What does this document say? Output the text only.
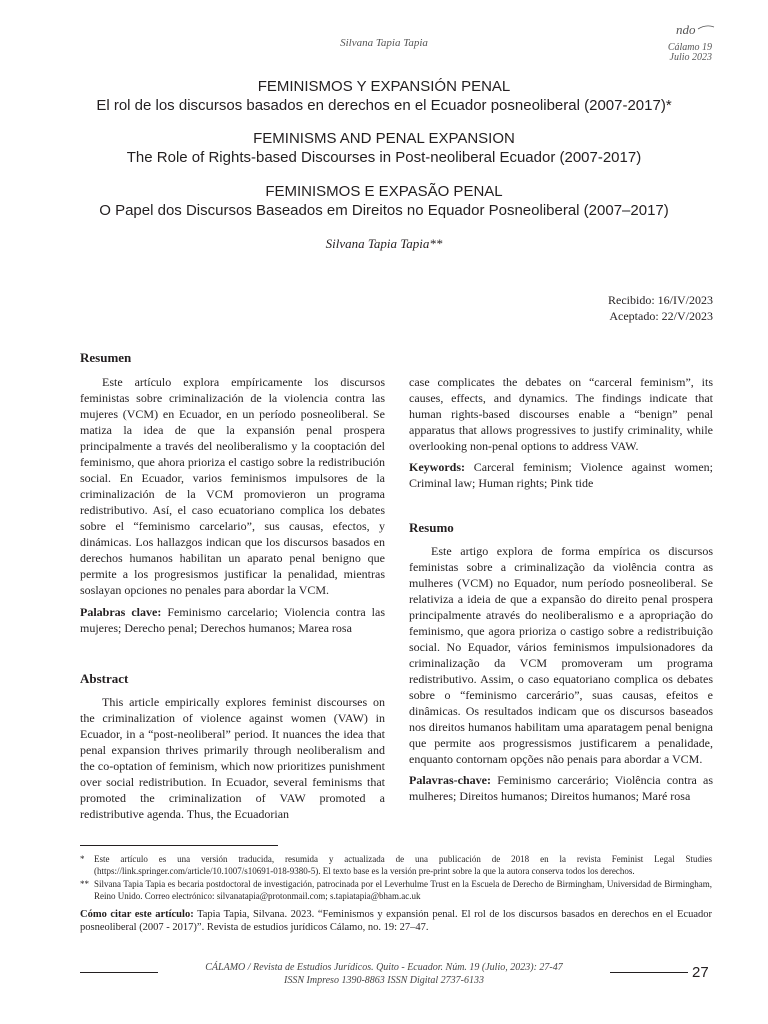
Silvana Tapia Tapia
ndo
Cálamo 19
Julio 2023
FEMINISMOS Y EXPANSIÓN PENAL
El rol de los discursos basados en derechos en el Ecuador posneoliberal (2007-2017)*
FEMINISMS AND PENAL EXPANSION
The Role of Rights-based Discourses in Post-neoliberal Ecuador (2007-2017)
FEMINISMOS E EXPASÃO PENAL
O Papel dos Discursos Baseados em Direitos no Equador Posneoliberal (2007–2017)
Silvana Tapia Tapia**
Recibido: 16/IV/2023
Aceptado: 22/V/2023
Resumen

Este artículo explora empíricamente los discursos feministas sobre criminalización de la violencia contra las mujeres (VCM) en Ecuador, en un período posneoliberal. Se matiza la idea de que la expansión penal prospera principalmente a través del neoliberalismo y la cooptación del feminismo, que ahora prioriza el castigo sobre la redistribución social. En Ecuador, varios feminismos impulsores de la criminalización de la VCM promovieron un programa redistributivo. Así, el caso ecuatoriano complica los debates sobre el “feminismo carcelario”, sus causas, efectos, y dinámicas. Los hallazgos indican que los discursos basados en derechos humanos habilitan un aparato penal benigno que permite a los progresismos justificar la penalidad, mientras soslayan opciones no penales para abordar la VCM.

Palabras clave: Feminismo carcelario; Violencia contra las mujeres; Derecho penal; Derechos humanos; Marea rosa

Abstract

This article empirically explores feminist discourses on the criminalization of violence against women (VAW) in Ecuador, in a “post-neoliberal” period. It nuances the idea that penal expansion thrives primarily through neoliberalism and the co-optation of feminism, which now prioritizes punishment over social redistribution. In Ecuador, several feminisms that promoted the criminalization of VAW promoted a redistributive agenda. Thus, the Ecuadorian

case complicates the debates on “carceral feminism”, its causes, effects, and dynamics. The findings indicate that human rights-based discourses enable a “benign” penal apparatus that allows progressives to justify criminality, while overlooking non-penal options to address VAW.

Keywords: Carceral feminism; Violence against women; Criminal law; Human rights; Pink tide

Resumo

Este artigo explora de forma empírica os discursos feministas sobre a criminalização da violência contra as mulheres (VCM) no Equador, num período posneoliberal. Se relativiza a ideia de que a expansão do direito penal prospera principalmente através do neoliberalismo e a apropriação do feminismo, que agora prioriza o castigo sobre a redistribuição social. No Equador, vários feminismos impulsionadores da criminalização da VCM promoveram um programa redistributivo. Assim, o caso equatoriano complica os debates sobre o “feminismo carcerário”, suas causas, efeitos e dinâmicas. Os resultados indicam que os discursos baseados nos direitos humanos habilitam uma aparatagem penal benigna que permite aos progressismos justificarem a penalidade, enquanto contornam opções não penais para abordar a VCM.

Palavras-chave: Feminismo carcerário; Violência contra as mulheres; Direitos humanos; Direitos humanos; Maré rosa

* Este artículo es una versión traducida, resumida y actualizada de una publicación de 2018 en la revista Feminist Legal Studies (https://link.springer.com/article/10.1007/s10691-018-9380-5). El texto base es la versión pre-print sobre la que la autora conserva todos los derechos.
** Silvana Tapia Tapia es becaria postdoctoral de investigación, patrocinada por el Leverhulme Trust en la Escuela de Derecho de Birmingham, Universidad de Birmingham, Reino Unido. Correo electrónico: silvanatapia@protonmail.com; s.tapiatapia@bham.ac.uk
Cómo citar este artículo: Tapia Tapia, Silvana. 2023. “Feminismos y expansión penal. El rol de los discursos basados en derechos en el Ecuador posneoliberal (2007 - 2017)”. Revista de estudios jurídicos Cálamo, no. 19: 27–47.
CÁLAMO / Revista de Estudios Jurídicos. Quito - Ecuador. Núm. 19 (Julio, 2023): 27-47
ISSN Impreso 1390-8863 ISSN Digital 2737-6133	27
